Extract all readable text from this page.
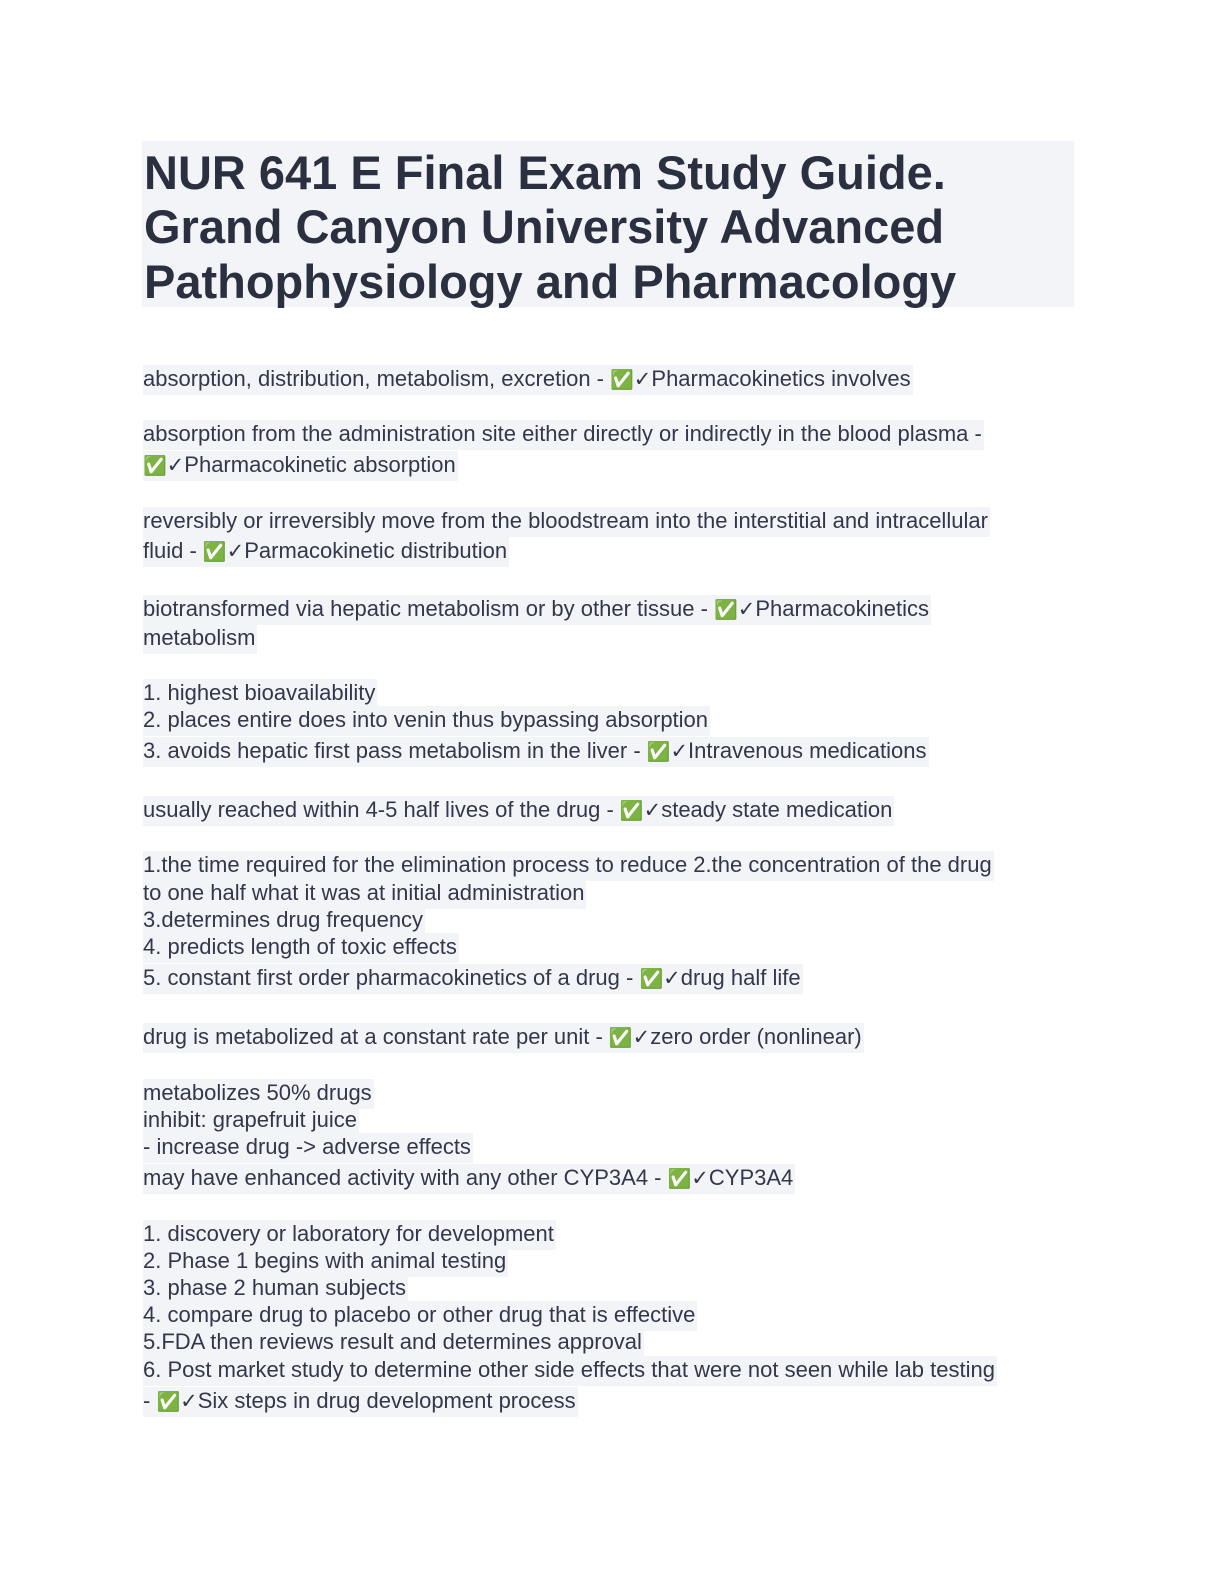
NUR 641 E Final Exam Study Guide.
Grand Canyon University Advanced
Pathophysiology and Pharmacology
absorption, distribution, metabolism, excretion - ✅✓Pharmacokinetics involves
absorption from the administration site either directly or indirectly in the blood plasma -
✅✓Pharmacokinetic absorption
reversibly or irreversibly move from the bloodstream into the interstitial and intracellular
fluid - ✅✓Parmacokinetic distribution
biotransformed via hepatic metabolism or by other tissue - ✅✓Pharmacokinetics
metabolism
1. highest bioavailability
2. places entire does into venin thus bypassing absorption
3. avoids hepatic first pass metabolism in the liver - ✅✓Intravenous medications
usually reached within 4-5 half lives of the drug - ✅✓steady state medication
1.the time required for the elimination process to reduce 2.the concentration of the drug
to one half what it was at initial administration
3.determines drug frequency
4. predicts length of toxic effects
5. constant first order pharmacokinetics of a drug - ✅✓drug half life
drug is metabolized at a constant rate per unit - ✅✓zero order (nonlinear)
metabolizes 50% drugs
inhibit: grapefruit juice
- increase drug -> adverse effects
may have enhanced activity with any other CYP3A4 - ✅✓CYP3A4
1. discovery or laboratory for development
2. Phase 1 begins with animal testing
3. phase 2 human subjects
4. compare drug to placebo or other drug that is effective
5.FDA then reviews result and determines approval
6. Post market study to determine other side effects that were not seen while lab testing
- ✅✓Six steps in drug development process
